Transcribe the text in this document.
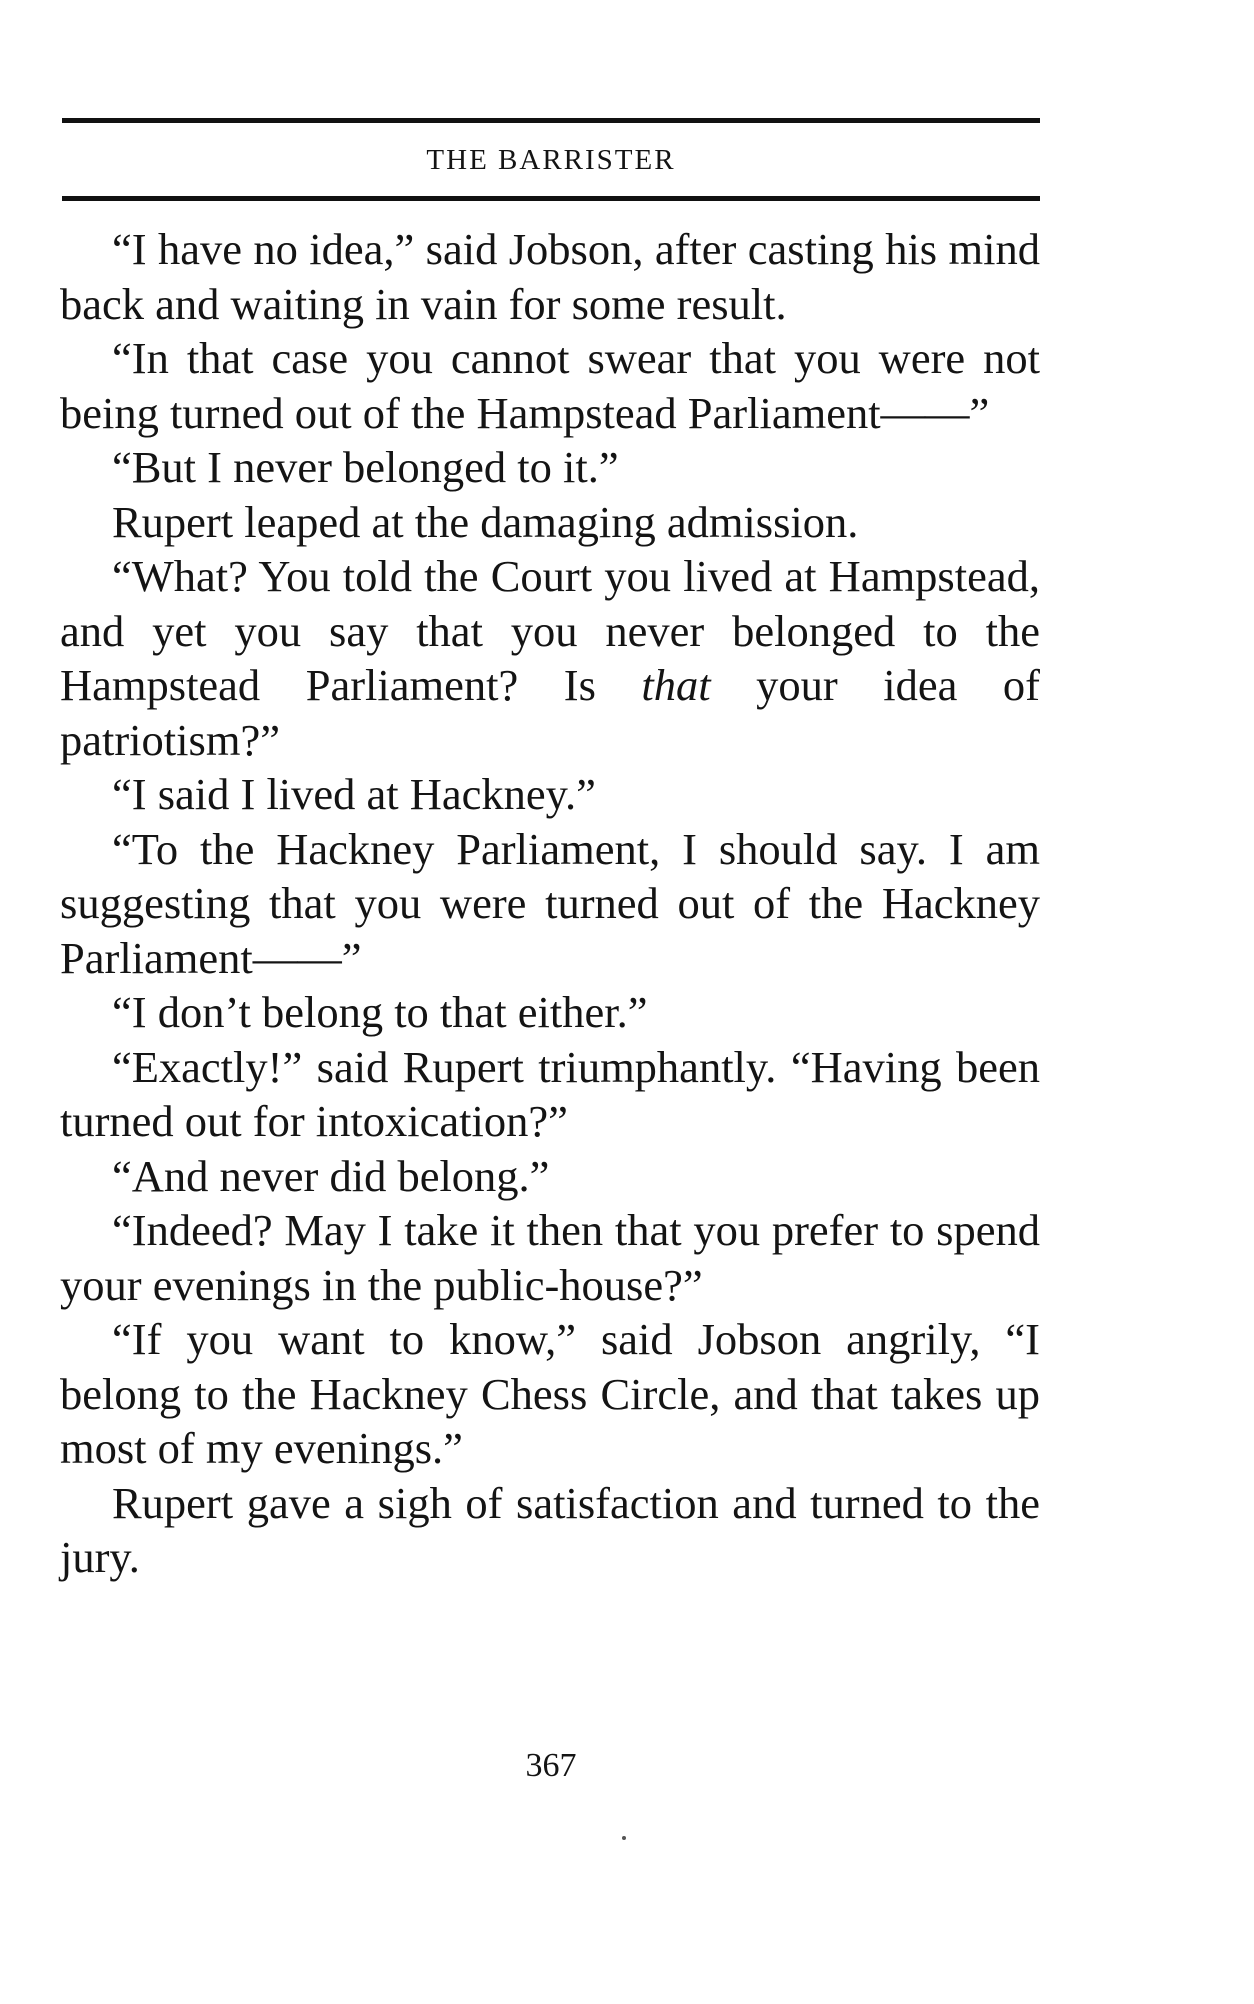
THE BARRISTER

“I have no idea,” said Jobson, after casting his mind back and waiting in vain for some result.

“In that case you cannot swear that you were not being turned out of the Hampstead Parliament——”

“But I never belonged to it.”

Rupert leaped at the damaging admission.

“What? You told the Court you lived at Hampstead, and yet you say that you never belonged to the Hampstead Parliament? Is that your idea of patriotism?”

“I said I lived at Hackney.”

“To the Hackney Parliament, I should say. I am suggesting that you were turned out of the Hackney Parliament——”

“I don’t belong to that either.”

“Exactly!” said Rupert triumphantly. “Having been turned out for intoxication?”

“And never did belong.”

“Indeed? May I take it then that you prefer to spend your evenings in the public-house?”

“If you want to know,” said Jobson angrily, “I belong to the Hackney Chess Circle, and that takes up most of my evenings.”

Rupert gave a sigh of satisfaction and turned to the jury.

367
